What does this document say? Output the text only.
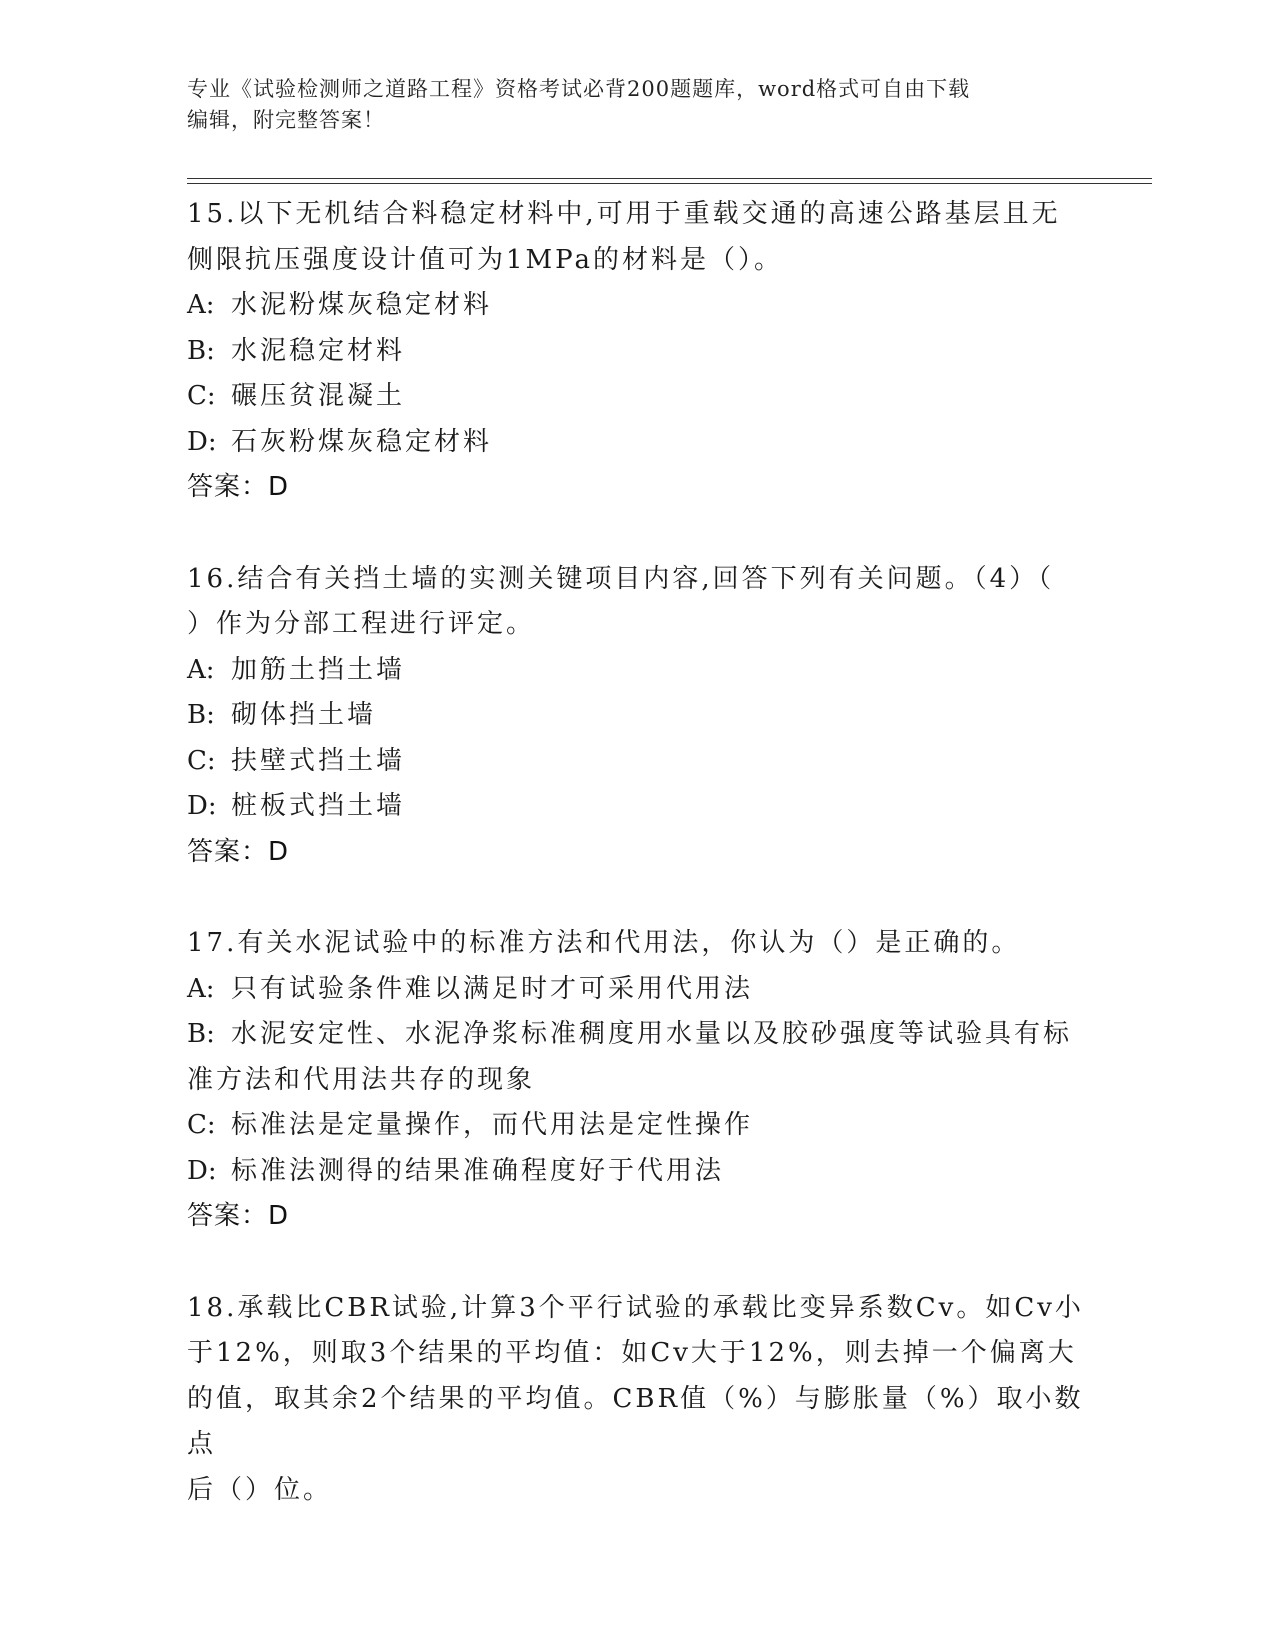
专业《试验检测师之道路工程》资格考试必背200题题库，word格式可自由下载
编辑，附完整答案！
15.以下无机结合料稳定材料中,可用于重载交通的高速公路基层且无
侧限抗压强度设计值可为1MPa的材料是（）。
A: 水泥粉煤灰稳定材料
B: 水泥稳定材料
C: 碾压贫混凝土
D: 石灰粉煤灰稳定材料
答案：D
16.结合有关挡土墙的实测关键项目内容,回答下列有关问题。（4）（
）作为分部工程进行评定。
A: 加筋土挡土墙
B: 砌体挡土墙
C: 扶壁式挡土墙
D: 桩板式挡土墙
答案：D
17.有关水泥试验中的标准方法和代用法，你认为（）是正确的。
A: 只有试验条件难以满足时才可采用代用法
B: 水泥安定性、水泥净浆标准稠度用水量以及胶砂强度等试验具有标
准方法和代用法共存的现象
C: 标准法是定量操作，而代用法是定性操作
D: 标准法测得的结果准确程度好于代用法
答案：D
18.承载比CBR试验,计算3个平行试验的承载比变异系数Cv。如Cv小
于12%，则取3个结果的平均值：如Cv大于12%，则去掉一个偏离大
的值，取其余2个结果的平均值。CBR值（%）与膨胀量（%）取小数点
后（）位。
